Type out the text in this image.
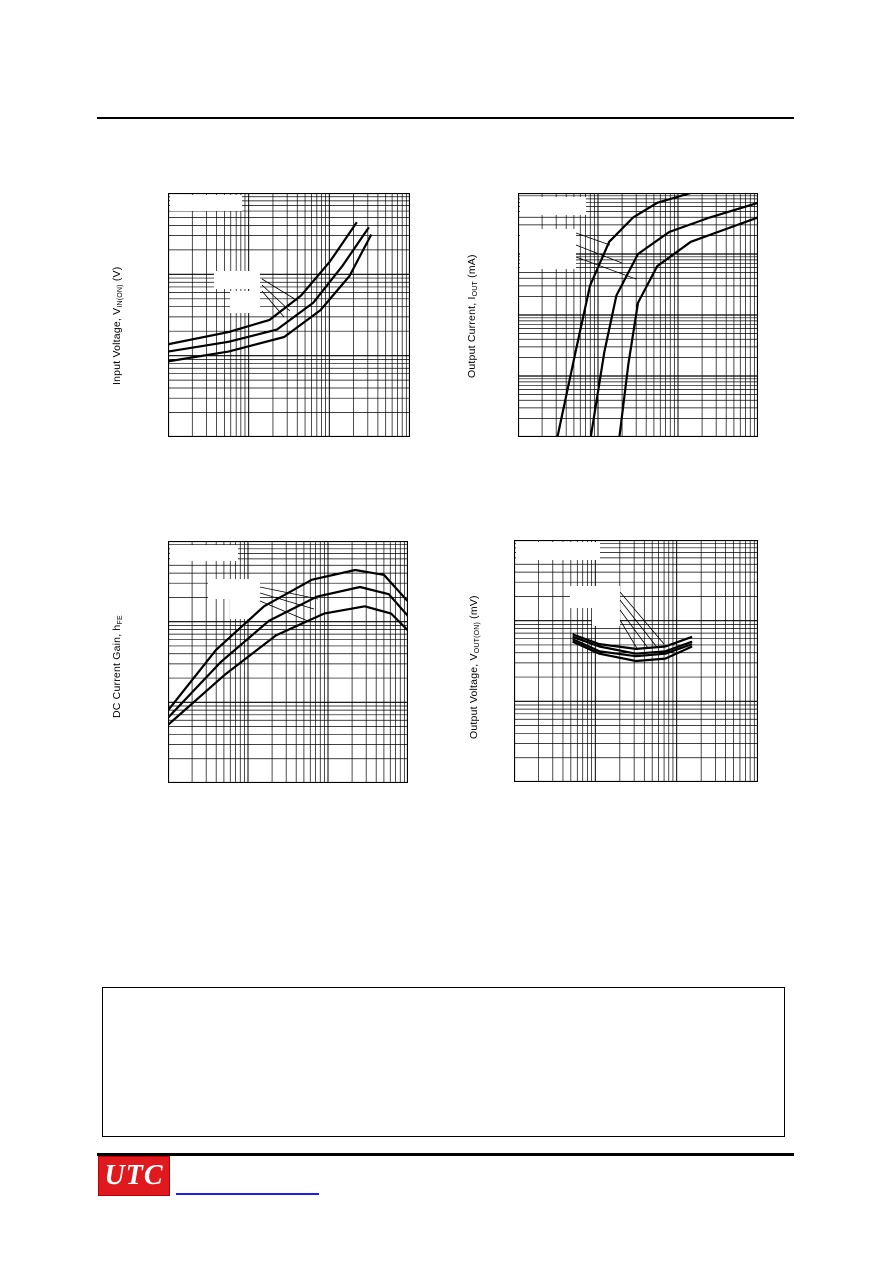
Input Voltage, $V_{IN(ON)}$ (V)
Output Current, $I_{OUT}$ (mA)
DC Current Gain, $h_{FE}$
Output Voltage, $V_{OUT(ON)}$ (mV)
UTC
